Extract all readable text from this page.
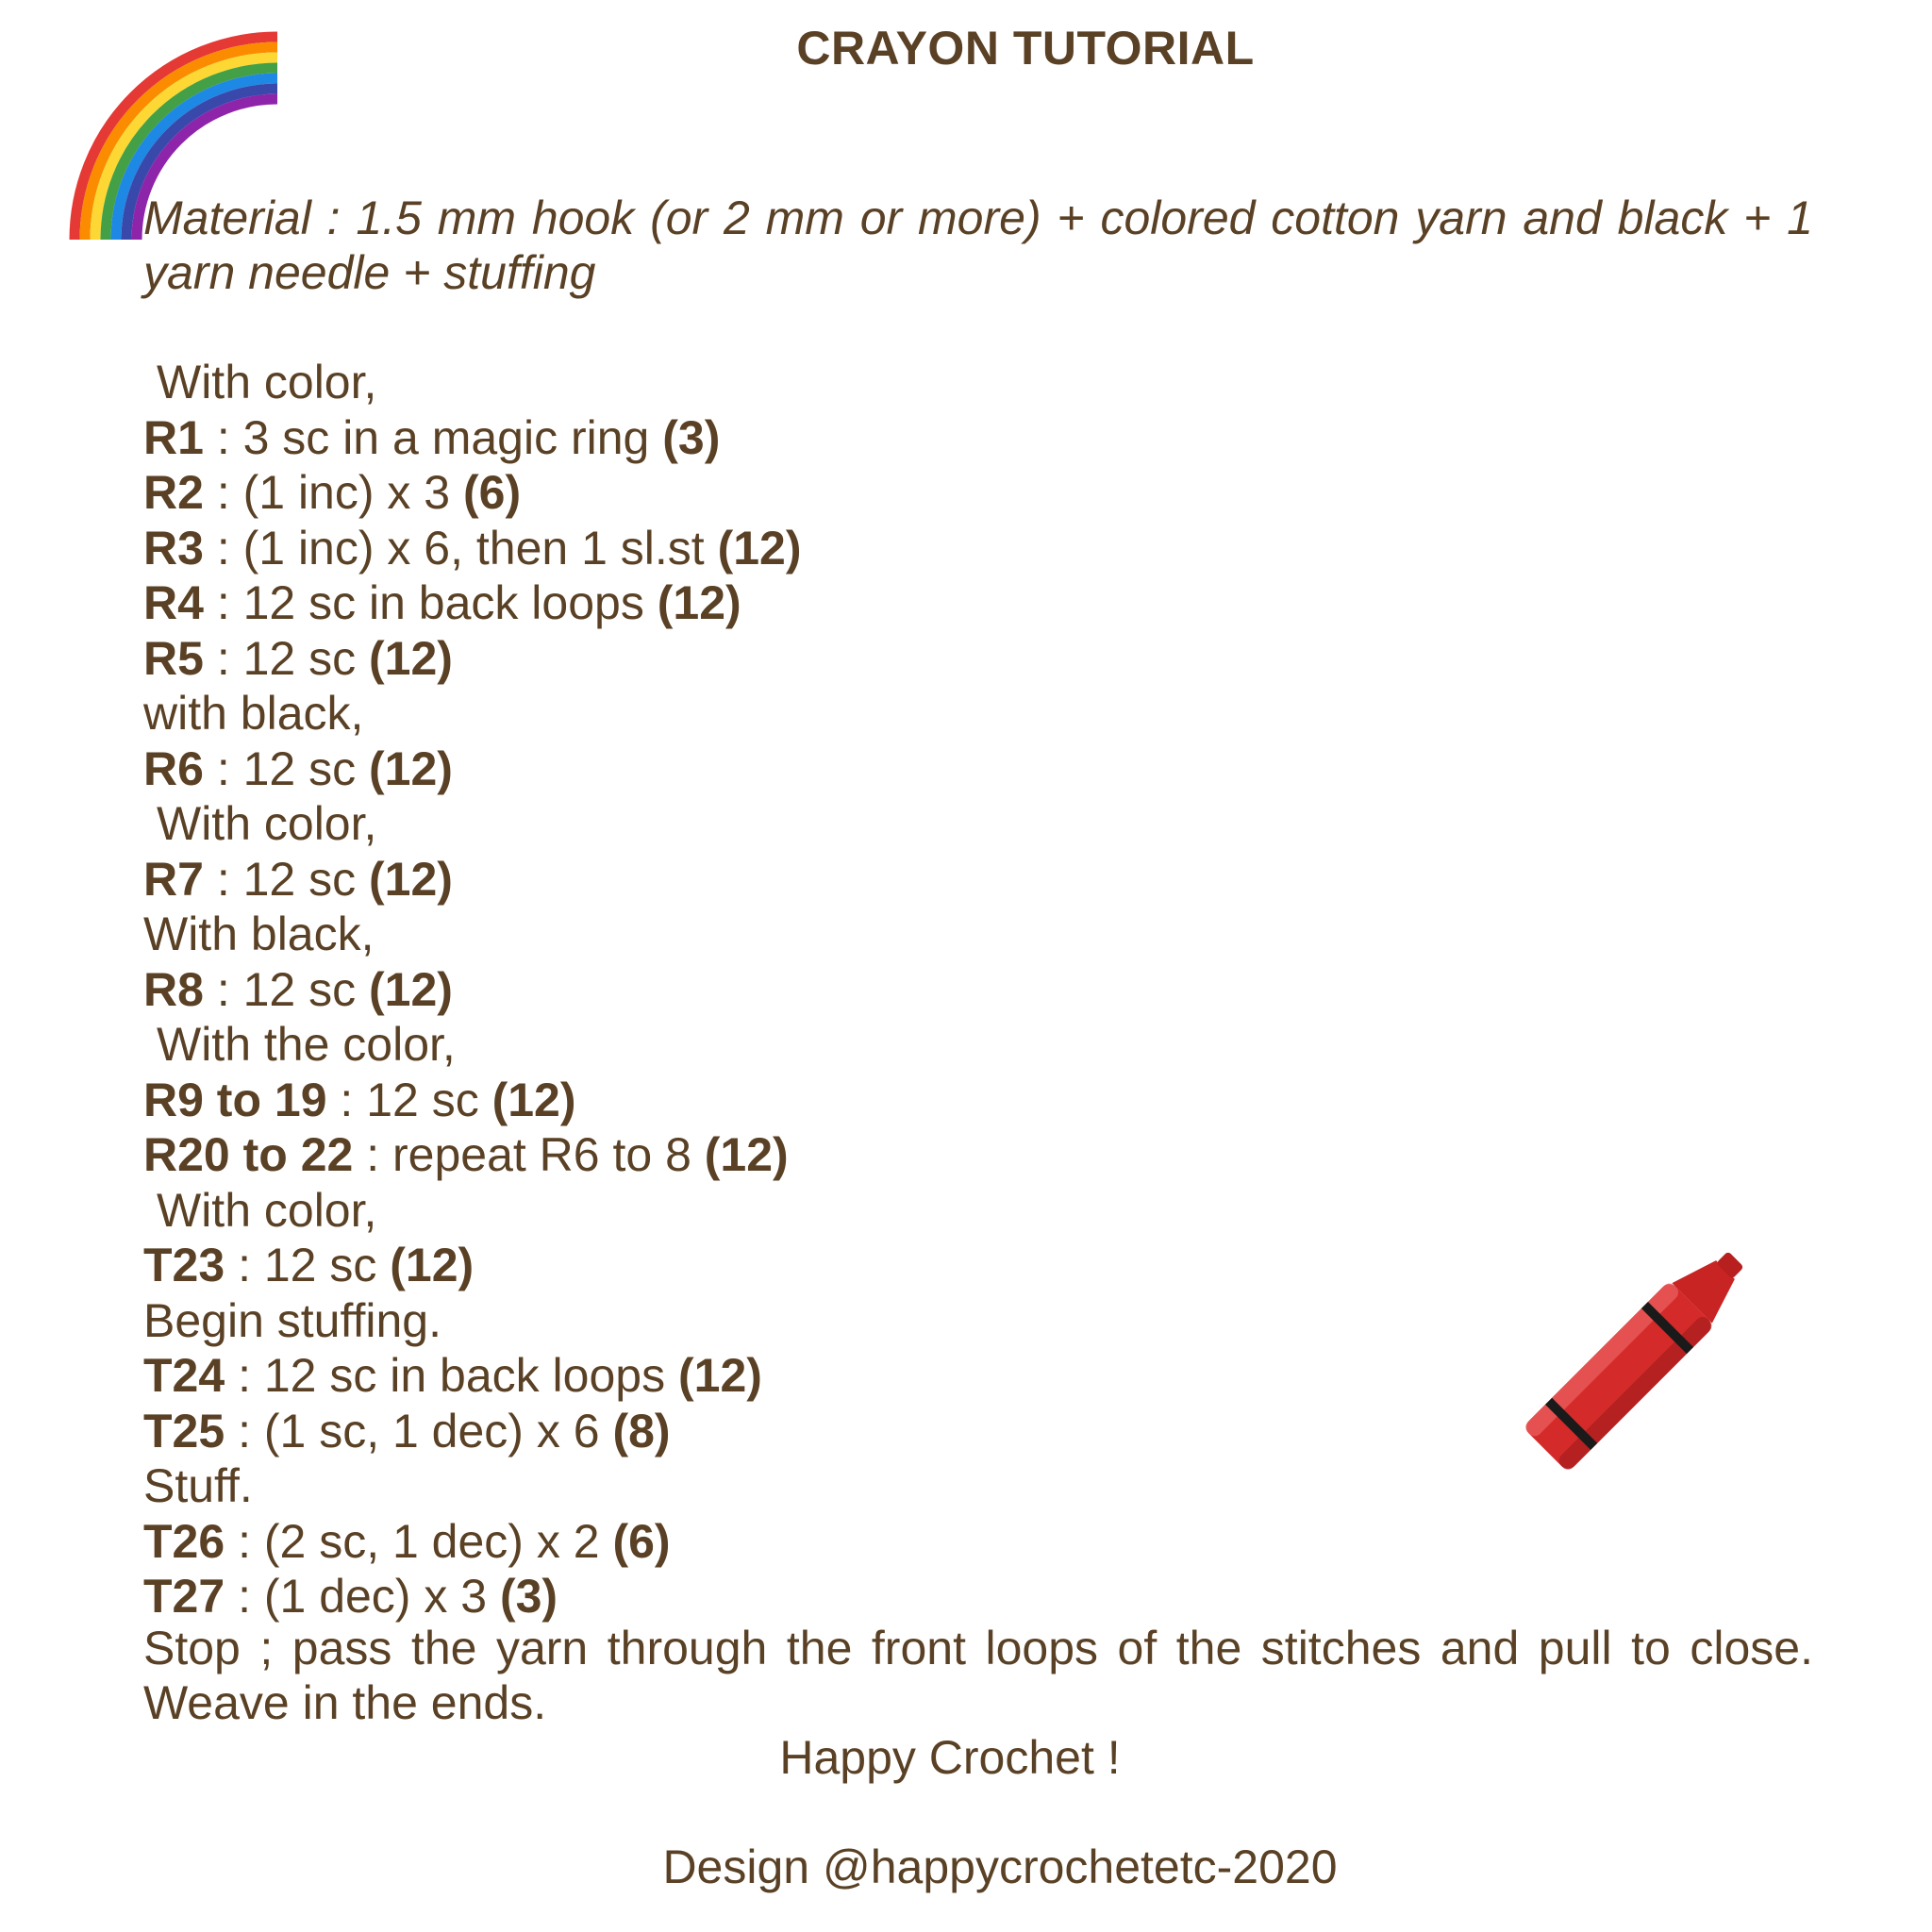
CRAYON TUTORIAL
Material : 1.5 mm hook (or 2 mm or more) + colored cotton yarn and black + 1 yarn needle + stuffing
With color,
R1 : 3 sc in a magic ring (3)
R2 : (1 inc) x 3 (6)
R3 : (1 inc) x 6, then 1 sl.st (12)
R4 : 12 sc in back loops (12)
R5 : 12 sc (12)
with black,
R6 : 12 sc (12)
With color,
R7 : 12 sc (12)
With black,
R8 : 12 sc (12)
With the color,
R9 to 19 : 12 sc (12)
R20 to 22 : repeat R6 to 8 (12)
With color,
T23 : 12 sc (12)
Begin stuffing.
T24 : 12 sc in back loops (12)
T25 : (1 sc, 1 dec) x 6 (8)
Stuff.
T26 : (2 sc, 1 dec) x 2 (6)
T27 : (1 dec) x 3 (3)
Stop ; pass the yarn through the front loops of the stitches and pull to close. Weave in the ends.
Happy Crochet !
Design @happycrochetetc-2020
